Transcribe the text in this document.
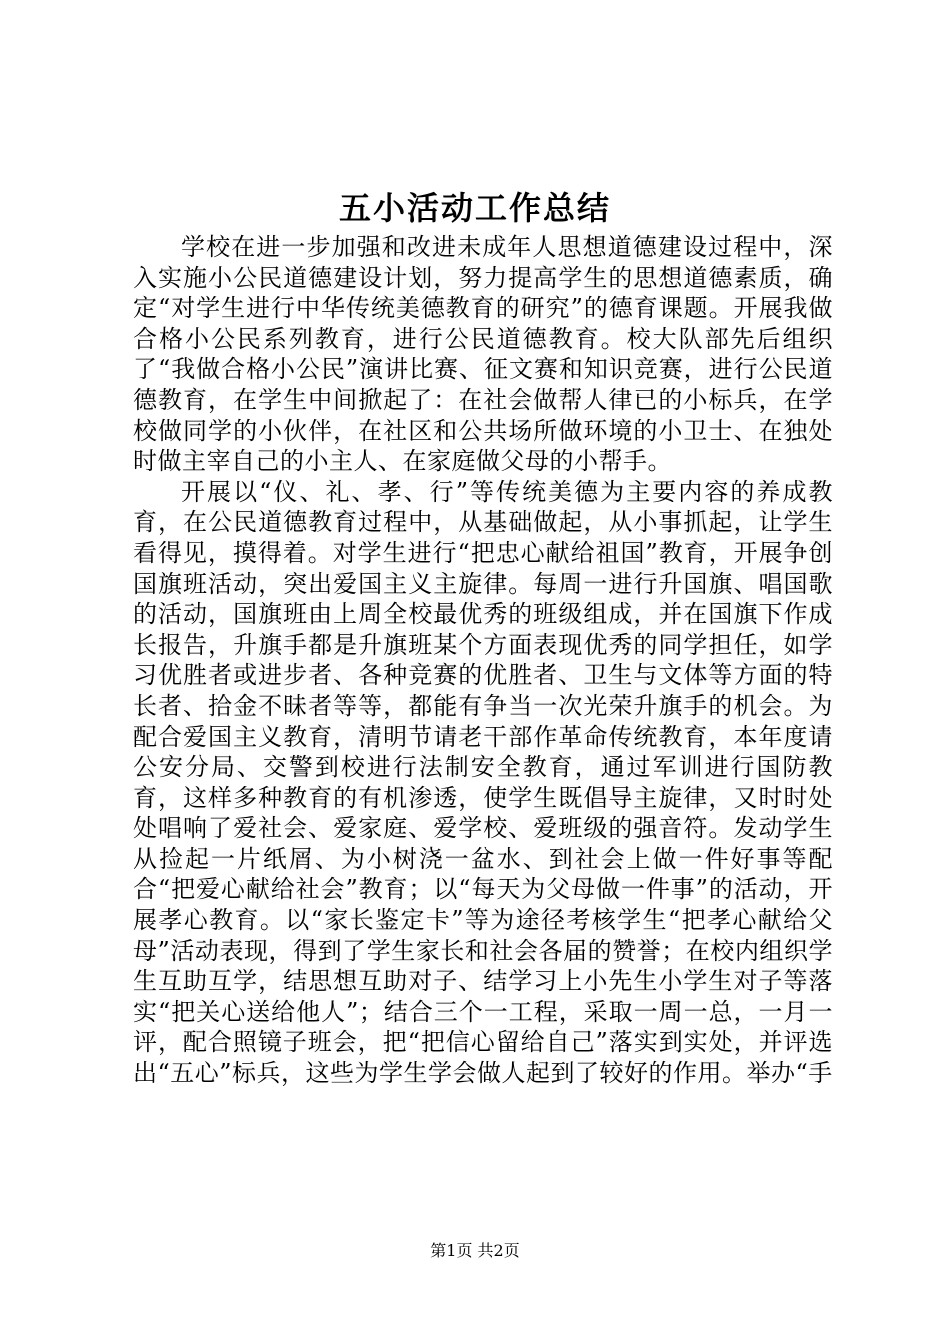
五小活动工作总结

学校在进一步加强和改进未成年人思想道德建设过程中，深入实施小公民道德建设计划，努力提高学生的思想道德素质，确定“对学生进行中华传统美德教育的研究”的德育课题。开展我做合格小公民系列教育，进行公民道德教育。校大队部先后组织了“我做合格小公民”演讲比赛、征文赛和知识竞赛，进行公民道德教育，在学生中间掀起了：在社会做帮人律已的小标兵，在学校做同学的小伙伴，在社区和公共场所做环境的小卫士、在独处时做主宰自己的小主人、在家庭做父母的小帮手。

开展以“仪、礼、孝、行”等传统美德为主要内容的养成教育，在公民道德教育过程中，从基础做起，从小事抓起，让学生看得见，摸得着。对学生进行“把忠心献给祖国”教育，开展争创国旗班活动，突出爱国主义主旋律。每周一进行升国旗、唱国歌的活动，国旗班由上周全校最优秀的班级组成，并在国旗下作成长报告，升旗手都是升旗班某个方面表现优秀的同学担任，如学习优胜者或进步者、各种竞赛的优胜者、卫生与文体等方面的特长者、拾金不昧者等等，都能有争当一次光荣升旗手的机会。为配合爱国主义教育，清明节请老干部作革命传统教育，本年度请公安分局、交警到校进行法制安全教育，通过军训进行国防教育，这样多种教育的有机渗透，使学生既倡导主旋律，又时时处处唱响了爱社会、爱家庭、爱学校、爱班级的强音符。发动学生从捡起一片纸屑、为小树浇一盆水、到社会上做一件好事等配合“把爱心献给社会”教育；以“每天为父母做一件事”的活动，开展孝心教育。以“家长鉴定卡”等为途径考核学生“把孝心献给父母”活动表现，得到了学生家长和社会各届的赞誉；在校内组织学生互助互学，结思想互助对子、结学习上小先生小学生对子等落实“把关心送给他人”；结合三个一工程，采取一周一总，一月一评，配合照镜子班会，把“把信心留给自己”落实到实处，并评选出“五心”标兵，这些为学生学会做人起到了较好的作用。举办“手

第1页 共2页
